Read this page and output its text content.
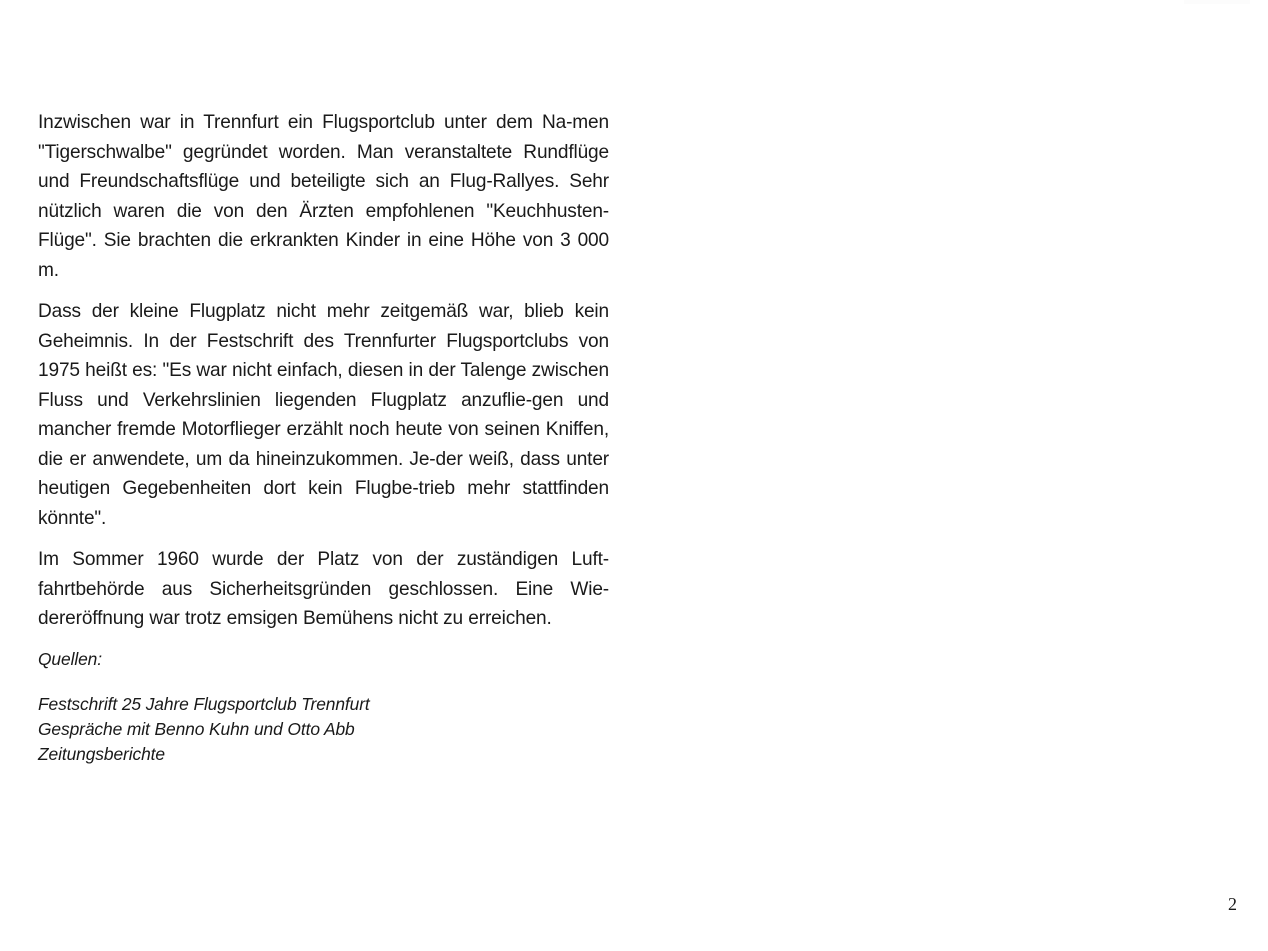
Inzwischen war in Trennfurt ein Flugsportclub unter dem Na-​men "Tigerschwalbe" gegründet worden. Man veranstaltete Rundflüge und Freundschaftsflüge und beteiligte sich an Flug-Rallyes. Sehr nützlich waren die von den Ärzten empfohlenen "Keuchhusten-Flüge". Sie brachten die erkrankten Kinder in eine Höhe von 3 000 m.

Dass der kleine Flugplatz nicht mehr zeitgemäß war, blieb kein Geheimnis. In der Festschrift des Trennfurter Flugsportclubs von 1975 heißt es: "Es war nicht einfach, diesen in der Talenge zwischen Fluss und Verkehrslinien liegenden Flugplatz anzuflie-​gen und mancher fremde Motorflieger erzählt noch heute von seinen Kniffen, die er anwendete, um da hineinzukommen. Je-​der weiß, dass unter heutigen Gegebenheiten dort kein Flugbe-​trieb mehr stattfinden könnte".

Im Sommer 1960 wurde der Platz von der zuständigen Luft-​fahrtbehörde aus Sicherheitsgründen geschlossen. Eine Wie-​dereröffnung war trotz emsigen Bemühens nicht zu erreichen.

Quellen:

Festschrift 25 Jahre Flugsportclub Trennfurt
Gespräche mit Benno Kuhn und Otto Abb
Zeitungsberichte
2
